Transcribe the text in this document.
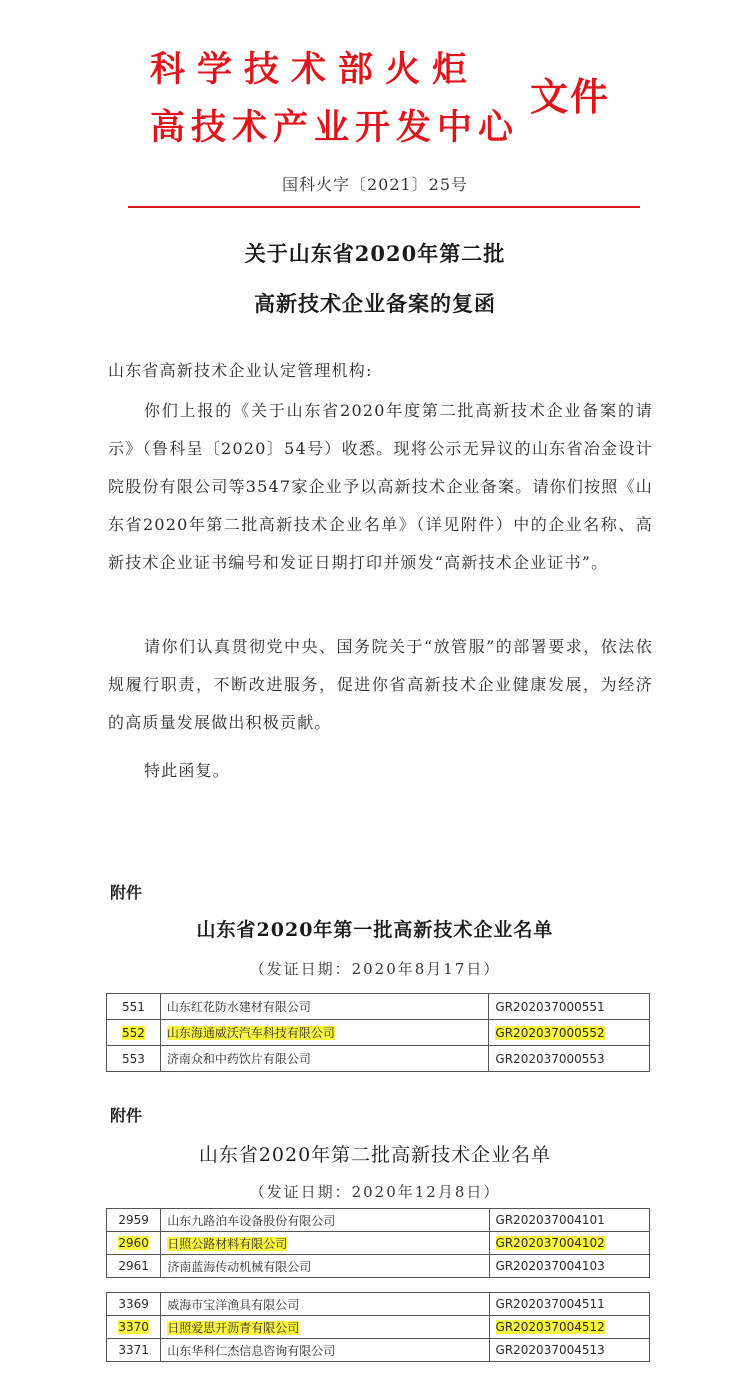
科学技术部火炬
高技术产业开发中心
文件
国科火字〔2021〕25号
关于山东省2020年第二批
高新技术企业备案的复函
山东省高新技术企业认定管理机构:
你们上报的《关于山东省2020年度第二批高新技术企业备案的请示》（鲁科呈〔2020〕54号）收悉。现将公示无异议的山东省冶金设计院股份有限公司等3547家企业予以高新技术企业备案。请你们按照《山东省2020年第二批高新技术企业名单》（详见附件）中的企业名称、高新技术企业证书编号和发证日期打印并颁发“高新技术企业证书”。
请你们认真贯彻党中央、国务院关于“放管服”的部署要求，依法依规履行职责，不断改进服务，促进你省高新技术企业健康发展，为经济的高质量发展做出积极贡献。
特此函复。
附件
山东省2020年第一批高新技术企业名单
（发证日期：2020年8月17日）
551	山东红花防水建材有限公司	GR202037000551
552	山东海通威沃汽车科技有限公司	GR202037000552
553	济南众和中药饮片有限公司	GR202037000553
附件
山东省2020年第二批高新技术企业名单
（发证日期：2020年12月8日）
2959	山东九路泊车设备股份有限公司	GR202037004101
2960	日照公路材料有限公司	GR202037004102
2961	济南蓝海传动机械有限公司	GR202037004103
3369	威海市宝洋渔具有限公司	GR202037004511
3370	日照爱思开沥青有限公司	GR202037004512
3371	山东华科仁杰信息咨询有限公司	GR202037004513
